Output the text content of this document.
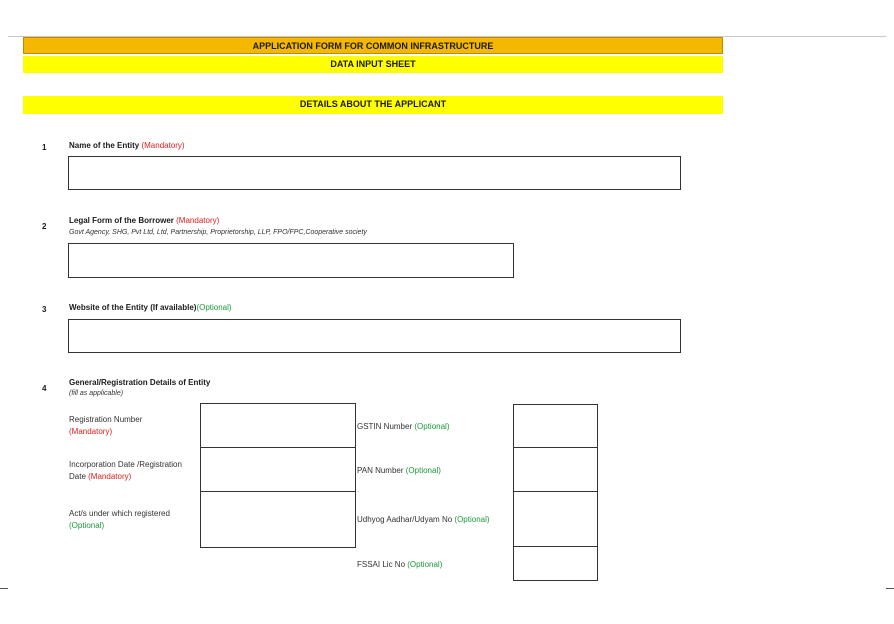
APPLICATION FORM FOR COMMON INFRASTRUCTURE
DATA INPUT SHEET
DETAILS ABOUT THE APPLICANT
1	Name of the Entity (Mandatory)
2
Legal Form of the Borrower (Mandatory)
Govt Agency, SHG, Pvt Ltd, Ltd, Partnership, Proprietorship, LLP, FPO/FPC,Cooperative society
3	Website of the Entity (If available)(Optional)
4
General/Registration Details of Entity
(fill as applicable)
Registration Number
(Mandatory)
Incorporation Date /Registration
Date (Mandatory)
Act/s under which registered
(Optional)
GSTIN Number (Optional)
PAN Number (Optional)
Udhyog Aadhar/Udyam No (Optional)
FSSAI Lic No (Optional)
